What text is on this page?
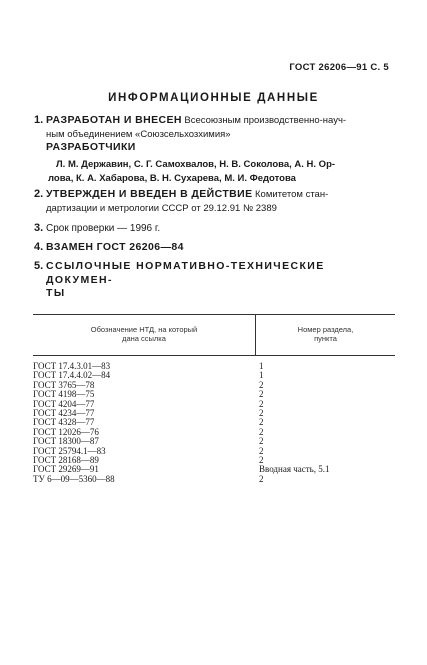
ГОСТ 26206—91 С. 5
ИНФОРМАЦИОННЫЕ ДАННЫЕ
1. РАЗРАБОТАН И ВНЕСЕН Всесоюзным производственно-науч-
ным объединением «Союзсельхозхимия»
РАЗРАБОТЧИКИ
Л. М. Державин, С. Г. Самохвалов, Н. В. Соколова, А. Н. Ор-
лова, К. А. Хабарова, В. Н. Сухарева, М. И. Федотова
2. УТВЕРЖДЕН И ВВЕДЕН В ДЕЙСТВИЕ Комитетом стан-
дартизации и метрологии СССР от 29.12.91 № 2389
3. Срок проверки — 1996 г.
4. ВЗАМЕН ГОСТ 26206—84
5. ССЫЛОЧНЫЕ НОРМАТИВНО-ТЕХНИЧЕСКИЕ ДОКУМЕН-
ТЫ
Обозначение НТД, на который
дана ссылка
Номер раздела,
пункта
ГОСТ 17.4.3.01—83	1
ГОСТ 17.4.4.02—84	1
ГОСТ 3765—78	2
ГОСТ 4198—75	2
ГОСТ 4204—77	2
ГОСТ 4234—77	2
ГОСТ 4328—77	2
ГОСТ 12026—76	2
ГОСТ 18300—87	2
ГОСТ 25794.1—83	2
ГОСТ 28168—89	2
ГОСТ 29269—91	Вводная часть, 5.1
ТУ 6—09—5360—88	2
